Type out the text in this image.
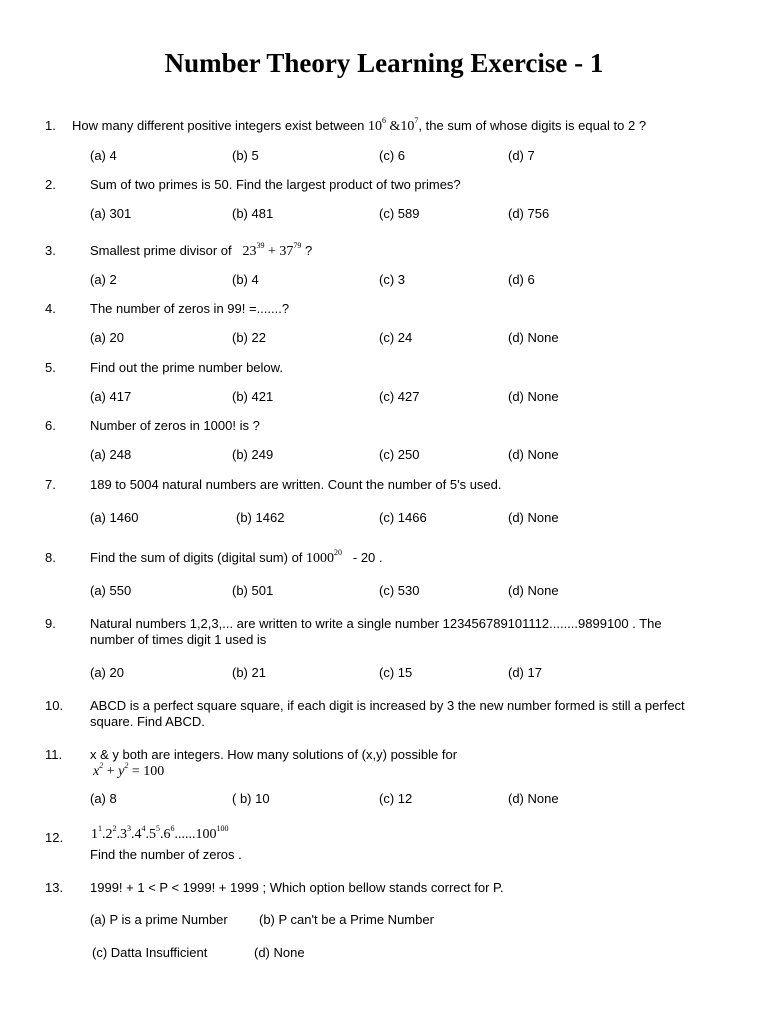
Number Theory Learning Exercise - 1
1. How many different positive integers exist between $10^6$ $\&10^7$, the sum of whose digits is equal to 2 ?
(a) 4	(b) 5	(c) 6	(d) 7
2.	Sum of two primes is 50. Find the largest product of two primes?
(a) 301	(b) 481	(c) 589	(d) 756
3.	Smallest prime divisor of   $23^{39} + 37^{79}$ ?
(a) 2	(b) 4	(c) 3	(d) 6
4.	The number of zeros in 99! =.......?
(a) 20	(b) 22	(c) 24	(d) None
5.	Find out the prime number below.
(a) 417	(b) 421	(c) 427	(d) None
6.	Number of zeros in 1000! is ?
(a) 248	(b) 249	(c) 250	(d) None
7.	189 to 5004 natural numbers are written. Count the number of 5's used.
(a) 1460	(b) 1462	(c) 1466	(d) None
8.	Find the sum of digits (digital sum) of 1000$^{20}$   - 20 .
(a) 550	(b) 501	(c) 530	(d) None
9.	Natural numbers 1,2,3,... are written to write a single number 123456789101112........9899100 . The
number of times digit 1 used is
(a) 20	(b) 21	(c) 15	(d) 17
10. ABCD is a perfect square square, if each digit is increased by 3 the new number formed is still a perfect
square. Find ABCD.
11. x & y both are integers. How many solutions of (x,y) possible for
$x^2 + y^2 = 100$
(a) 8	( b) 10	(c) 12	(d) None
12. $1^1.2^2.3^3.4^4.5^5.6^6......100^{100}$
Find the number of zeros .
13. 1999! + 1 < P < 1999! + 1999 ; Which option bellow stands correct for P.
(a) P is a prime Number (b) P can't be a Prime Number
(c) Datta Insufficient	(d) None
